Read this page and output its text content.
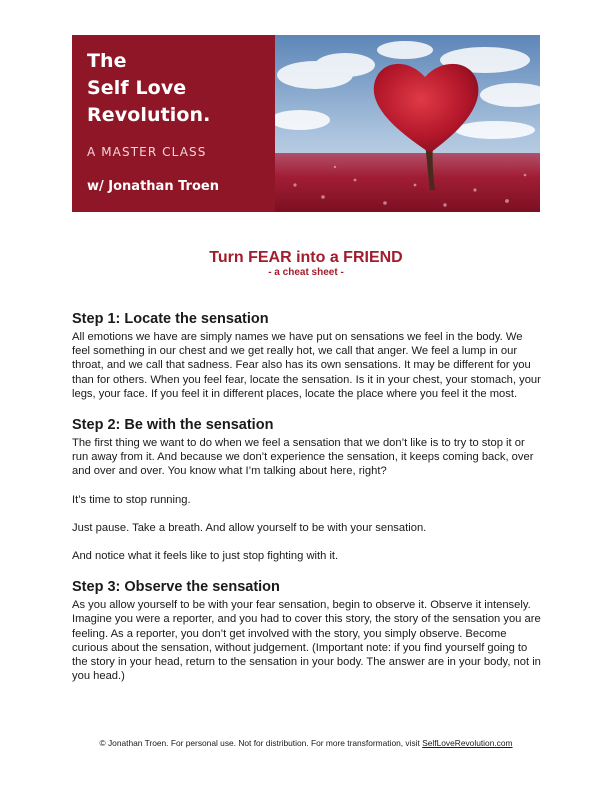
The
Self Love
Revolution.
A MASTER CLASS
w/ Jonathan Troen
Turn FEAR into a FRIEND
- a cheat sheet -
Step 1: Locate the sensation

All emotions we have are simply names we have put on sensations we feel in the body. We feel something in our chest and we get really hot, we call that anger. We feel a lump in our throat, and we call that sadness. Fear also has its own sensations. It may be different for you than for others. When you feel fear, locate the sensation. Is it in your chest, your stomach, your legs, your face. If you feel it in different places, locate the place where you feel it the most.

Step 2: Be with the sensation

The first thing we want to do when we feel a sensation that we don’t like is to try to stop it or run away from it. And because we don’t experience the sensation, it keeps coming back, over and over and over. You know what I’m talking about here, right?

It’s time to stop running.

Just pause. Take a breath. And allow yourself to be with your sensation.

And notice what it feels like to just stop fighting with it.

Step 3: Observe the sensation

As you allow yourself to be with your fear sensation, begin to observe it. Observe it intensely. Imagine you were a reporter, and you had to cover this story, the story of the sensation you are feeling. As a reporter, you don’t get involved with the story, you simply observe. Become curious about the sensation, without judgement. (Important note: if you find yourself going to the story in your head, return to the sensation in your body. The answer are in your body, not in you head.)

© Jonathan Troen. For personal use. Not for distribution. For more transformation, visit SelfLoveRevolution.com
